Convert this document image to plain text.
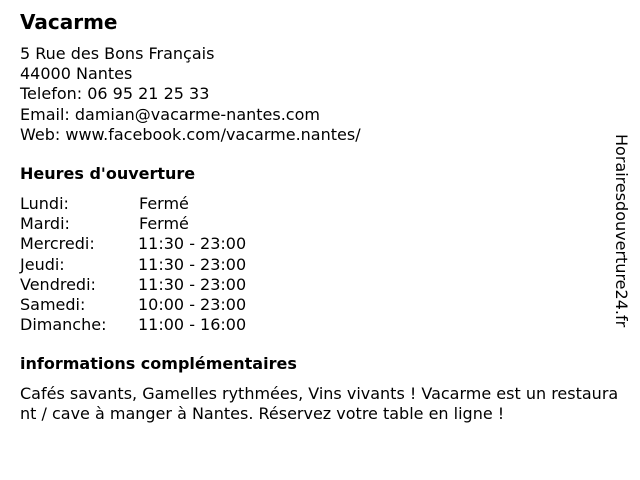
Vacarme
5 Rue des Bons Français
44000 Nantes
Telefon: 06 95 21 25 33
Email: damian@vacarme-nantes.com
Web: www.facebook.com/vacarme.nantes/
Heures d'ouverture
Lundi:	Fermé
Mardi:	Fermé
Mercredi:	11:30 - 23:00
Jeudi:	11:30 - 23:00
Vendredi:	11:30 - 23:00
Samedi:	10:00 - 23:00
Dimanche: 11:00 - 16:00
informations complémentaires
Cafés savants, Gamelles rythmées, Vins vivants ! Vacarme est un restaurant / cave à manger à Nantes. Réservez votre table en ligne !
Horairesdouverture24.fr
